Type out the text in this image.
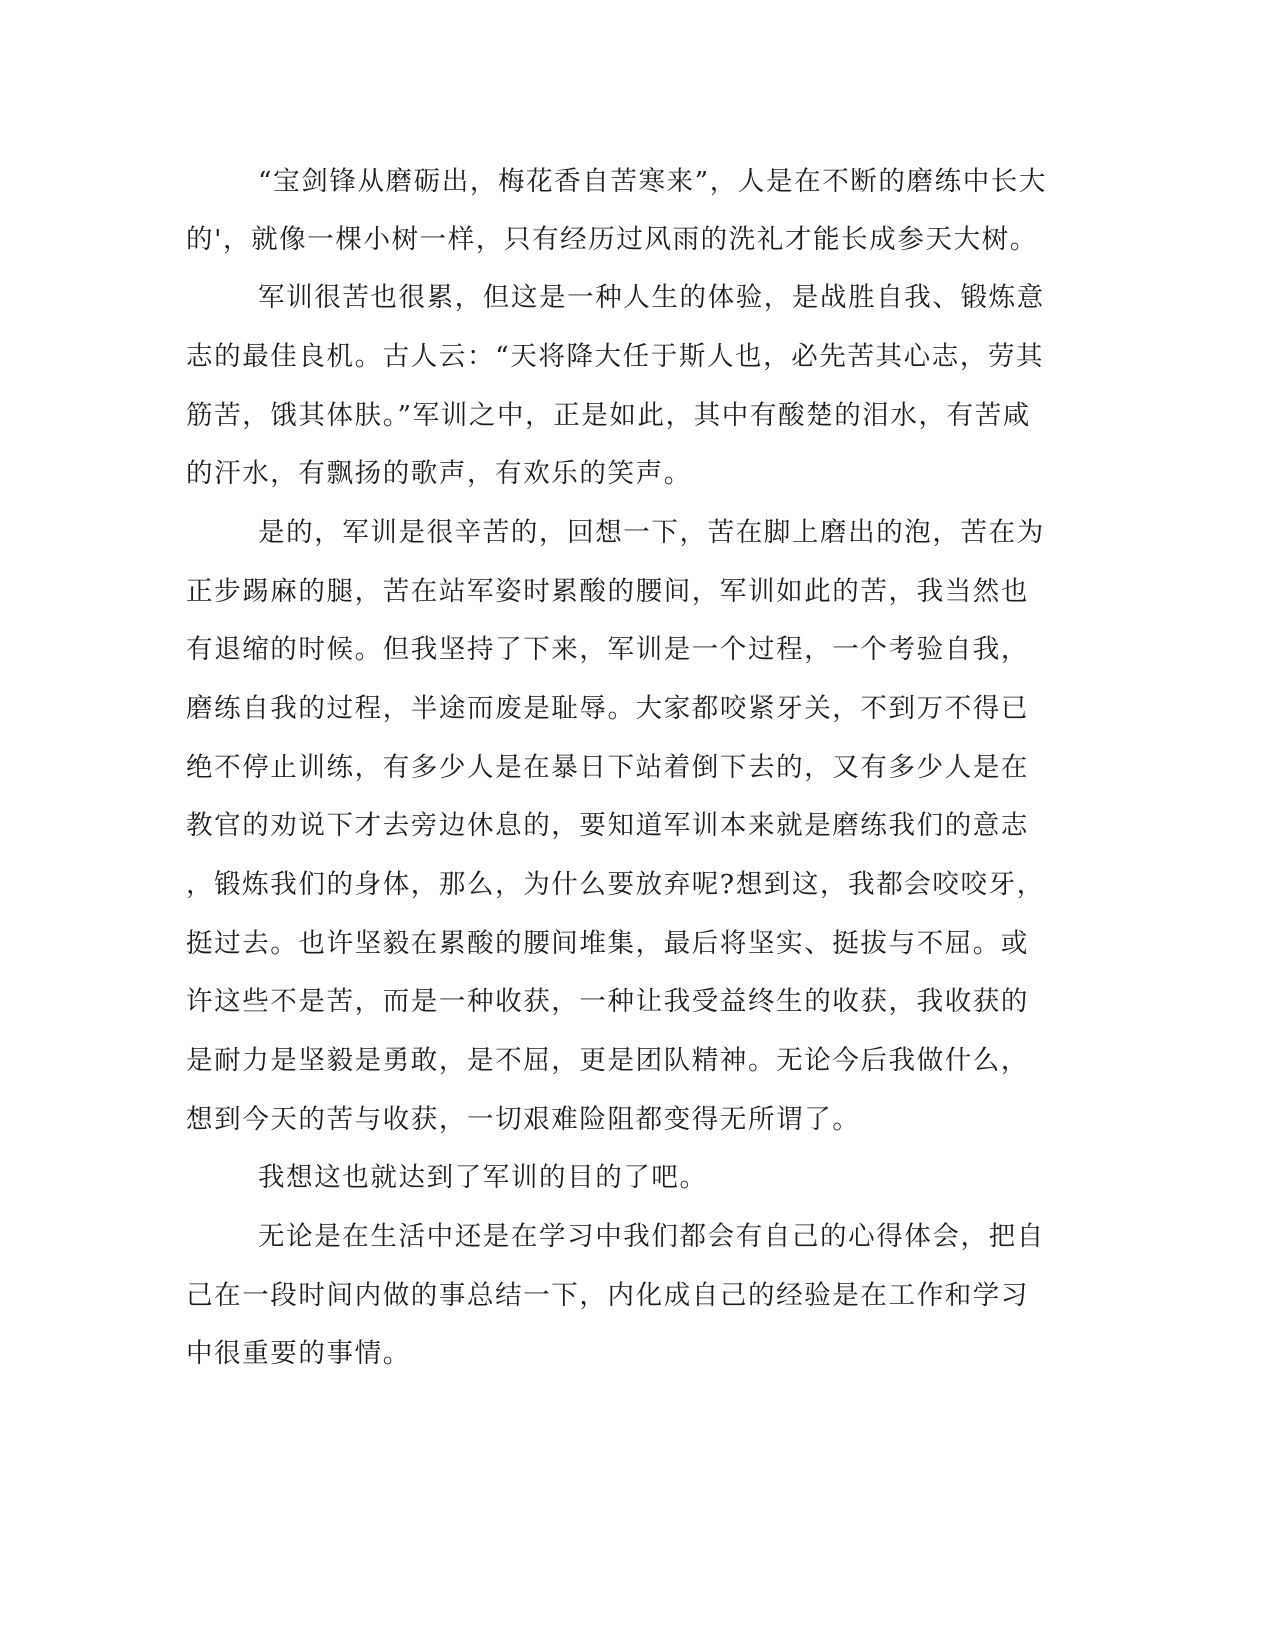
“宝剑锋从磨砺出，梅花香自苦寒来”，人是在不断的磨练中长大
的'，就像一棵小树一样，只有经历过风雨的洗礼才能长成参天大树。
军训很苦也很累，但这是一种人生的体验，是战胜自我、锻炼意
志的最佳良机。古人云：“天将降大任于斯人也，必先苦其心志，劳其
筋苦，饿其体肤。”军训之中，正是如此，其中有酸楚的泪水，有苦咸
的汗水，有飘扬的歌声，有欢乐的笑声。
是的，军训是很辛苦的，回想一下，苦在脚上磨出的泡，苦在为
正步踢麻的腿，苦在站军姿时累酸的腰间，军训如此的苦，我当然也
有退缩的时候。但我坚持了下来，军训是一个过程，一个考验自我，
磨练自我的过程，半途而废是耻辱。大家都咬紧牙关，不到万不得已
绝不停止训练，有多少人是在暴日下站着倒下去的，又有多少人是在
教官的劝说下才去旁边休息的，要知道军训本来就是磨练我们的意志
，锻炼我们的身体，那么，为什么要放弃呢?想到这，我都会咬咬牙，
挺过去。也许坚毅在累酸的腰间堆集，最后将坚实、挺拔与不屈。或
许这些不是苦，而是一种收获，一种让我受益终生的收获，我收获的
是耐力是坚毅是勇敢，是不屈，更是团队精神。无论今后我做什么，
想到今天的苦与收获，一切艰难险阻都变得无所谓了。
我想这也就达到了军训的目的了吧。
无论是在生活中还是在学习中我们都会有自己的心得体会，把自
己在一段时间内做的事总结一下，内化成自己的经验是在工作和学习
中很重要的事情。
